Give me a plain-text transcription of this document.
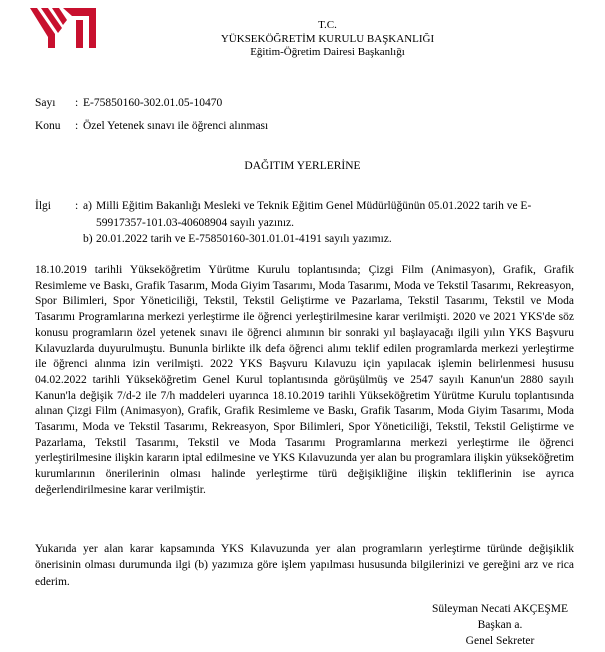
T.C.
YÜKSEKÖĞRETİM KURULU BAŞKANLIĞI
Eğitim-Öğretim Dairesi Başkanlığı
Sayı	: E-75850160-302.01.05-10470
Konu	: Özel Yetenek sınavı ile öğrenci alınması
DAĞITIM YERLERİNE
İlgi	: a) Milli Eğitim Bakanlığı Mesleki ve Teknik Eğitim Genel Müdürlüğünün 05.01.2022 tarih ve E-59917357-101.03-40608904 sayılı yazınız.
b) 20.01.2022 tarih ve E-75850160-301.01.01-4191 sayılı yazımız.
18.10.2019 tarihli Yükseköğretim Yürütme Kurulu toplantısında; Çizgi Film (Animasyon), Grafik, Grafik Resimleme ve Baskı, Grafik Tasarım, Moda Giyim Tasarımı, Moda Tasarımı, Moda ve Tekstil Tasarımı, Rekreasyon, Spor Bilimleri, Spor Yöneticiliği, Tekstil, Tekstil Geliştirme ve Pazarlama, Tekstil Tasarımı, Tekstil ve Moda Tasarımı Programlarına merkezi yerleştirme ile öğrenci yerleştirilmesine karar verilmişti. 2020 ve 2021 YKS'de söz konusu programların özel yetenek sınavı ile öğrenci alımının bir sonraki yıl başlayacağı ilgili yılın YKS Başvuru Kılavuzlarda duyurulmuştu. Bununla birlikte ilk defa öğrenci alımı teklif edilen programlarda merkezi yerleştirme ile öğrenci alınma izin verilmişti. 2022 YKS Başvuru Kılavuzu için yapılacak işlemin belirlenmesi hususu 04.02.2022 tarihli Yükseköğretim Genel Kurul toplantısında görüşülmüş ve 2547 sayılı Kanun'un 2880 sayılı Kanun'la değişik 7/d-2 ile 7/h maddeleri uyarınca 18.10.2019 tarihli Yükseköğretim Yürütme Kurulu toplantısında alınan Çizgi Film (Animasyon), Grafik, Grafik Resimleme ve Baskı, Grafik Tasarım, Moda Giyim Tasarımı, Moda Tasarımı, Moda ve Tekstil Tasarımı, Rekreasyon, Spor Bilimleri, Spor Yöneticiliği, Tekstil, Tekstil Geliştirme ve Pazarlama, Tekstil Tasarımı, Tekstil ve Moda Tasarımı Programlarına merkezi yerleştirme ile öğrenci yerleştirilmesine ilişkin kararın iptal edilmesine ve YKS Kılavuzunda yer alan bu programlara ilişkin yükseköğretim kurumlarının önerilerinin olması halinde yerleştirme türü değişikliğine ilişkin tekliflerinin ise ayrıca değerlendirilmesine karar verilmiştir.
Yukarıda yer alan karar kapsamında YKS Kılavuzunda yer alan programların yerleştirme türünde değişiklik önerisinin olması durumunda ilgi (b) yazımıza göre işlem yapılması hususunda bilgilerinizi ve gereğini arz ve rica ederim.
Süleyman Necati AKÇEŞME
Başkan a.
Genel Sekreter
